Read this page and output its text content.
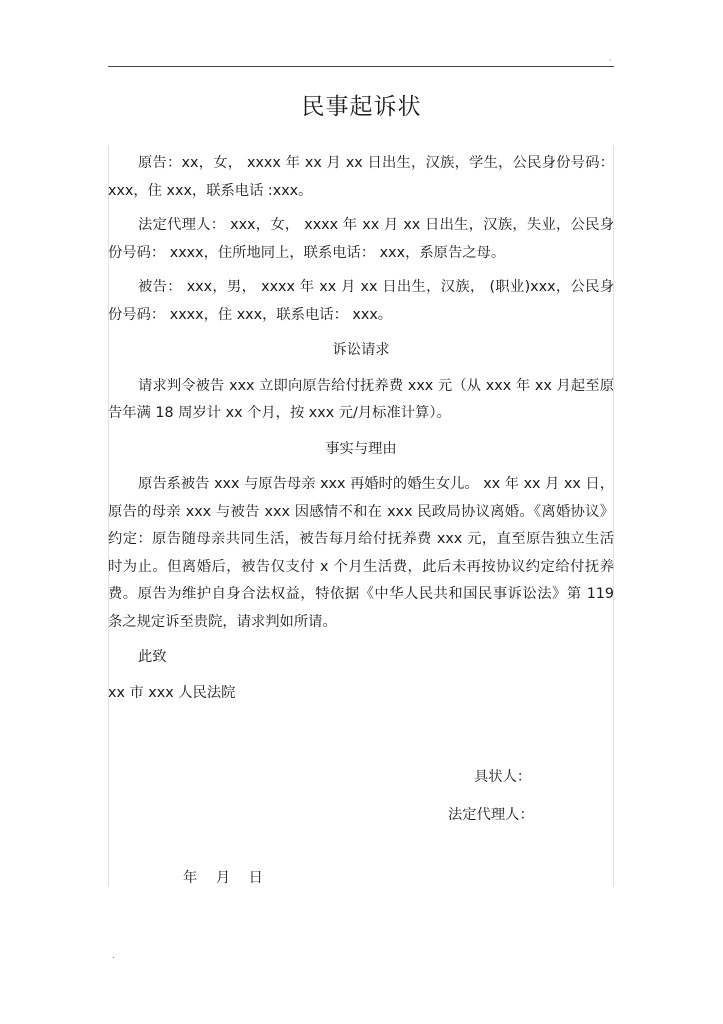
·
民事起诉状

原告：xx，女， xxxx 年 xx 月 xx 日出生，汉族，学生，公民身份号码： xxx，住 xxx，联系电话 :xxx。

法定代理人： xxx，女， xxxx 年 xx 月 xx 日出生，汉族，失业，公民身份号码： xxxx，住所地同上，联系电话： xxx，系原告之母。

被告： xxx，男， xxxx 年 xx 月 xx 日出生，汉族， (职业)xxx，公民身份号码： xxxx，住 xxx，联系电话： xxx。

诉讼请求

请求判令被告 xxx 立即向原告给付抚养费 xxx 元（从 xxx 年 xx 月起至原告年满 18 周岁计 xx 个月，按 xxx 元/月标准计算）。

事实与理由

原告系被告 xxx 与原告母亲 xxx 再婚时的婚生女儿。 xx 年 xx 月 xx 日，原告的母亲 xxx 与被告 xxx 因感情不和在 xxx 民政局协议离婚。《离婚协议》约定：原告随母亲共同生活，被告每月给付抚养费 xxx 元，直至原告独立生活时为止。但离婚后，被告仅支付 x 个月生活费，此后未再按协议约定给付抚养费。原告为维护自身合法权益，特依据《中华人民共和国民事诉讼法》第 119 条之规定诉至贵院，请求判如所请。

此致
xx 市 xxx 人民法院
具状人：
法定代理人：
年 月 日
·
